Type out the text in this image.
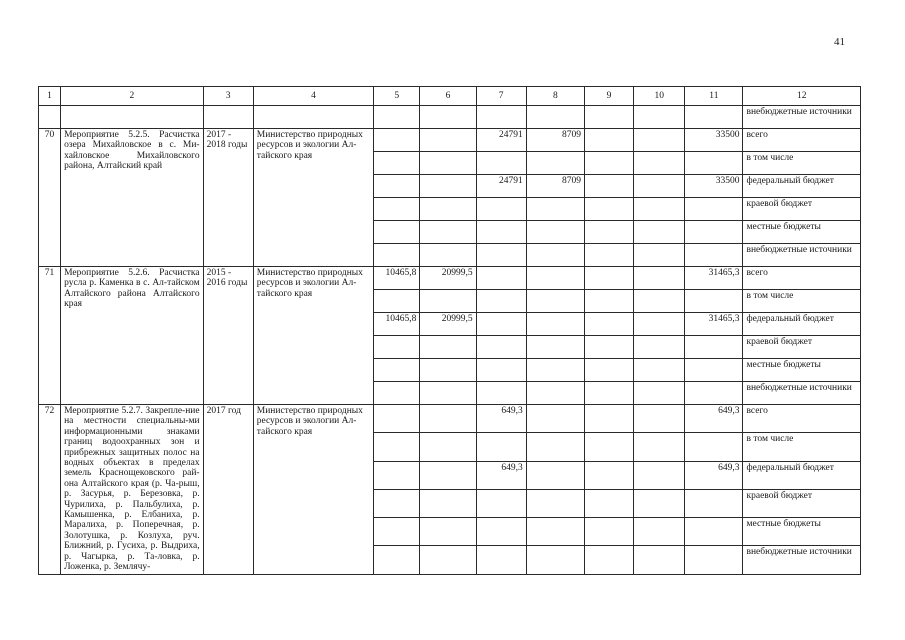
41
1	2	3	4	5	6	7	8	9	10	11	12
											внебюджетные источники
70	Мероприятие 5.2.5. Расчистка озера Михайловское в с. Ми-хайловское Михайловского района, Алтайский край	2017 - 2018 годы	Министерство природных ресурсов и экологии Ал-тайского края			24791	8709			33500	всего
											в том числе
						24791	8709			33500	федеральный бюджет
											краевой бюджет
											местные бюджеты
											внебюджетные источники
71	Мероприятие 5.2.6. Расчистка русла р. Каменка в с. Ал-тайском Алтайского района Алтайского края	2015 - 2016 годы	Министерство природных ресурсов и экологии Ал-тайского края	10465,8	20999,5					31465,3	всего
											в том числе
				10465,8	20999,5					31465,3	федеральный бюджет
											краевой бюджет
											местные бюджеты
											внебюджетные источники
72	Мероприятие 5.2.7. Закрепле-ние на местности специальны-ми информационными знаками границ водоохранных зон и прибрежных защитных полос на водных объектах в пределах земель Краснощековского рай-она Алтайского края (р. Ча-рыш, р. Засурья, р. Березовка, р. Чурилиха, р. Пальбулиха, р. Камышенка, р. Елбаниха, р. Маралиха, р. Поперечная, р. Золотушка, р. Козлуха, руч. Ближний, р. Гусиха, р. Выдриха, р. Чагырка, р. Та-ловка, р. Ложенка, р. Землячу-	2017 год	Министерство природных ресурсов и экологии Ал-тайского края			649,3				649,3	всего
											в том числе
						649,3				649,3	федеральный бюджет
											краевой бюджет
											местные бюджеты
											внебюджетные источники
